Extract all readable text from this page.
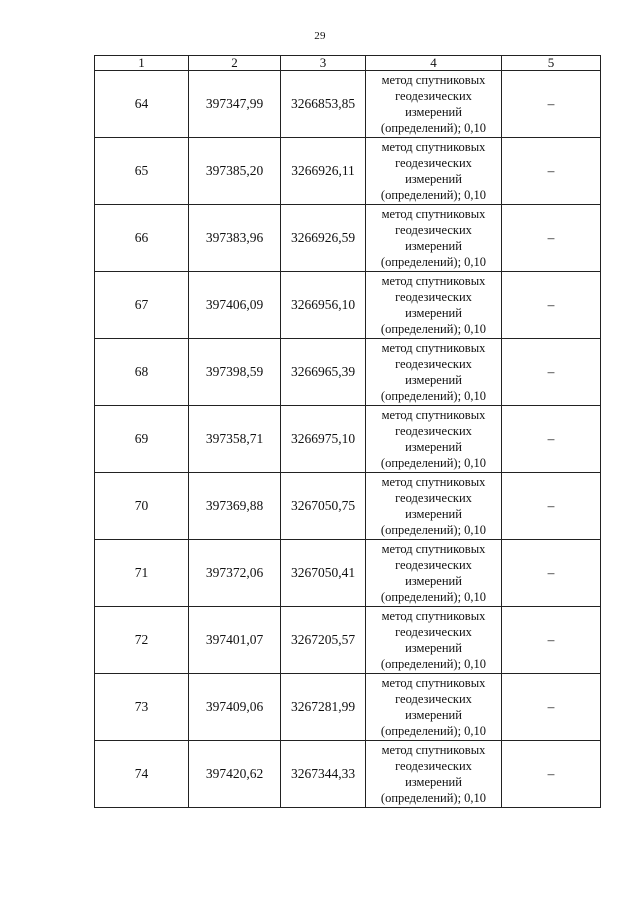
29
1	2	3	4	5
64	397347,99	3266853,85	метод спутниковых
геодезических
измерений
(определений); 0,10	–
65	397385,20	3266926,11	метод спутниковых
геодезических
измерений
(определений); 0,10	–
66	397383,96	3266926,59	метод спутниковых
геодезических
измерений
(определений); 0,10	–
67	397406,09	3266956,10	метод спутниковых
геодезических
измерений
(определений); 0,10	–
68	397398,59	3266965,39	метод спутниковых
геодезических
измерений
(определений); 0,10	–
69	397358,71	3266975,10	метод спутниковых
геодезических
измерений
(определений); 0,10	–
70	397369,88	3267050,75	метод спутниковых
геодезических
измерений
(определений); 0,10	–
71	397372,06	3267050,41	метод спутниковых
геодезических
измерений
(определений); 0,10	–
72	397401,07	3267205,57	метод спутниковых
геодезических
измерений
(определений); 0,10	–
73	397409,06	3267281,99	метод спутниковых
геодезических
измерений
(определений); 0,10	–
74	397420,62	3267344,33	метод спутниковых
геодезических
измерений
(определений); 0,10	–
